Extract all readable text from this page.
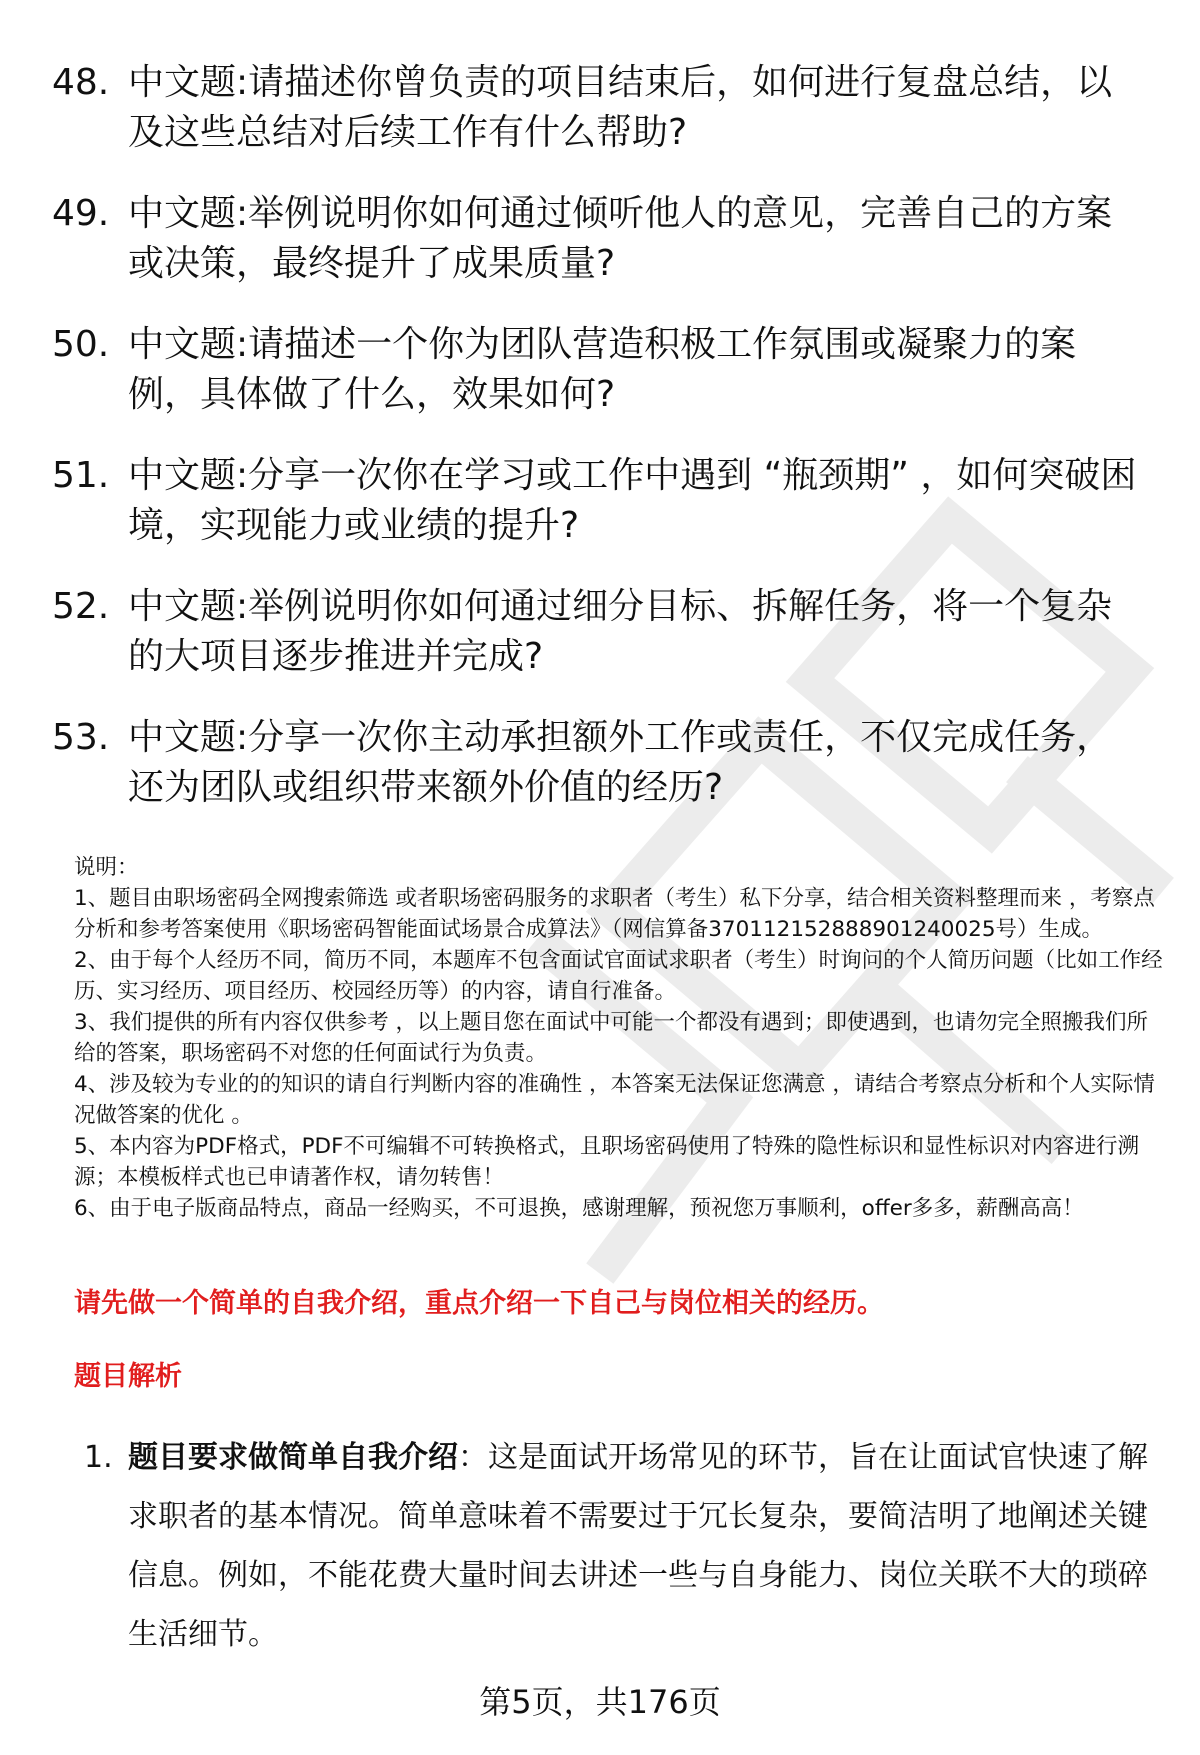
48. 中文题:请描述你曾负责的项目结束后，如何进行复盘总结，以及这些总结对后续工作有什么帮助?
49. 中文题:举例说明你如何通过倾听他人的意见，完善自己的方案或决策，最终提升了成果质量?
50. 中文题:请描述一个你为团队营造积极工作氛围或凝聚力的案例，具体做了什么，效果如何?
51. 中文题:分享一次你在学习或工作中遇到 “瓶颈期” ，如何突破困境，实现能力或业绩的提升?
52. 中文题:举例说明你如何通过细分目标、拆解任务，将一个复杂的大项目逐步推进并完成?
53. 中文题:分享一次你主动承担额外工作或责任，不仅完成任务，还为团队或组织带来额外价值的经历?

说明：

1、题目由职场密码全网搜索筛选 或者职场密码服务的求职者（考生）私下分享，结合相关资料整理而来 ，考察点分析和参考答案使用《职场密码智能面试场景合成算法》（网信算备370112152888901240025号）生成。

2、由于每个人经历不同，简历不同，本题库不包含面试官面试求职者（考生）时询问的个人简历问题（比如工作经历、实习经历、项目经历、校园经历等）的内容，请自行准备。

3、我们提供的所有内容仅供参考 ，以上题目您在面试中可能一个都没有遇到；即使遇到，也请勿完全照搬我们所给的答案，职场密码不对您的任何面试行为负责。

4、涉及较为专业的的知识的请自行判断内容的准确性 ，本答案无法保证您满意 ，请结合考察点分析和个人实际情况做答案的优化 。

5、本内容为PDF格式，PDF不可编辑不可转换格式，且职场密码使用了特殊的隐性标识和显性标识对内容进行溯源；本模板样式也已申请著作权，请勿转售！

6、由于电子版商品特点，商品一经购买，不可退换，感谢理解，预祝您万事顺利，offer多多，薪酬高高！

请先做一个简单的自我介绍，重点介绍一下自己与岗位相关的经历。

题目解析

1. 题目要求做简单自我介绍：这是面试开场常见的环节，旨在让面试官快速了解求职者的基本情况。简单意味着不需要过于冗长复杂，要简洁明了地阐述关键信息。例如，不能花费大量时间去讲述一些与自身能力、岗位关联不大的琐碎生活细节。
第5页，共176页
